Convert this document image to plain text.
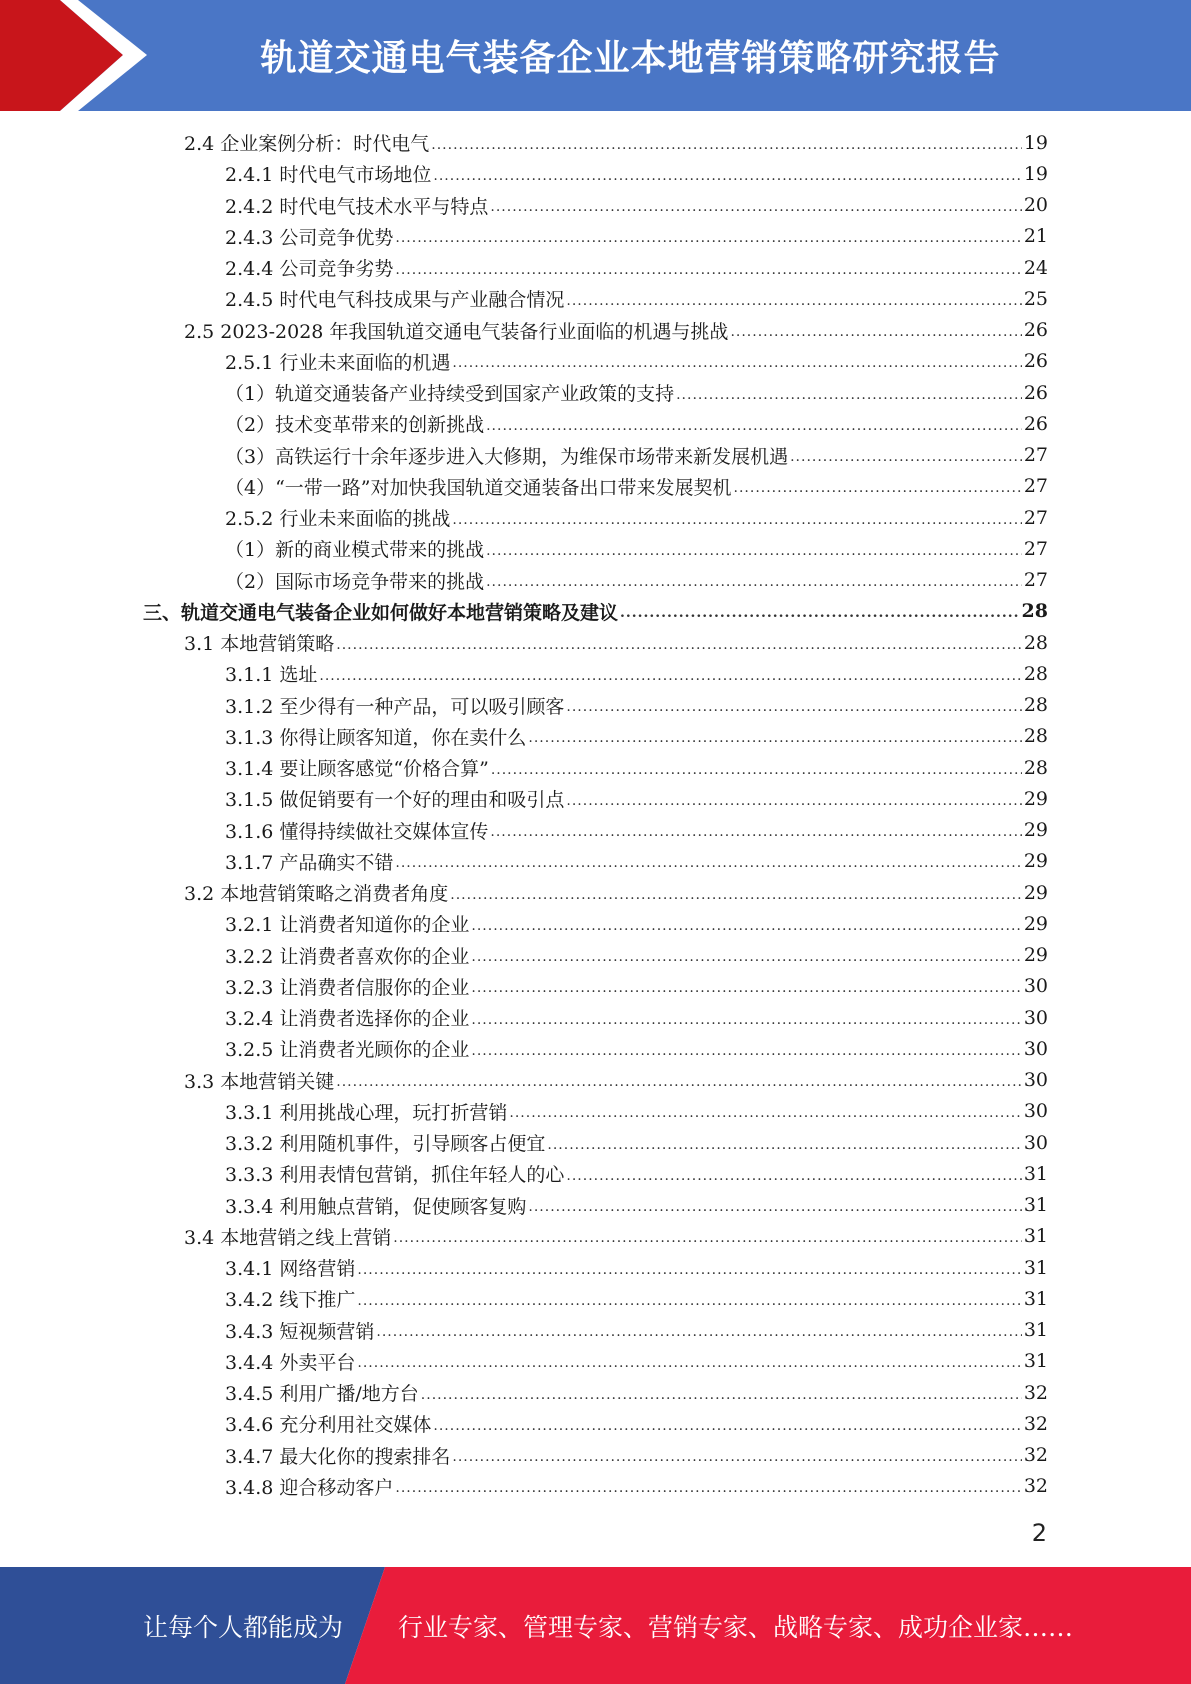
轨道交通电气装备企业本地营销策略研究报告
2.4 企业案例分析：时代电气 .....	19
2.4.1 时代电气市场地位 .....	19
2.4.2 时代电气技术水平与特点 .....	20
2.4.3 公司竞争优势 .....	21
2.4.4 公司竞争劣势 .....	24
2.4.5 时代电气科技成果与产业融合情况 .....	25
2.5 2023-2028 年我国轨道交通电气装备行业面临的机遇与挑战 .....	26
2.5.1 行业未来面临的机遇 .....	26
（1）轨道交通装备产业持续受到国家产业政策的支持 .....	26
（2）技术变革带来的创新挑战 .....	26
（3）高铁运行十余年逐步进入大修期，为维保市场带来新发展机遇 .....	27
（4）“一带一路”对加快我国轨道交通装备出口带来发展契机 .....	27
2.5.2 行业未来面临的挑战 .....	27
（1）新的商业模式带来的挑战 .....	27
（2）国际市场竞争带来的挑战 .....	27
三、轨道交通电气装备企业如何做好本地营销策略及建议 .....	28
3.1 本地营销策略 .....	28
3.1.1 选址 .....	28
3.1.2 至少得有一种产品，可以吸引顾客 .....	28
3.1.3 你得让顾客知道，你在卖什么 .....	28
3.1.4 要让顾客感觉“价格合算” .....	28
3.1.5 做促销要有一个好的理由和吸引点 .....	29
3.1.6 懂得持续做社交媒体宣传 .....	29
3.1.7 产品确实不错 .....	29
3.2 本地营销策略之消费者角度 .....	29
3.2.1 让消费者知道你的企业 .....	29
3.2.2 让消费者喜欢你的企业 .....	29
3.2.3 让消费者信服你的企业 .....	30
3.2.4 让消费者选择你的企业 .....	30
3.2.5 让消费者光顾你的企业 .....	30
3.3 本地营销关键 .....	30
3.3.1 利用挑战心理，玩打折营销 .....	30
3.3.2 利用随机事件，引导顾客占便宜 .....	30
3.3.3 利用表情包营销，抓住年轻人的心 .....	31
3.3.4 利用触点营销，促使顾客复购 .....	31
3.4 本地营销之线上营销 .....	31
3.4.1 网络营销 .....	31
3.4.2 线下推广 .....	31
3.4.3 短视频营销 .....	31
3.4.4 外卖平台 .....	31
3.4.5 利用广播/地方台 .....	32
3.4.6 充分利用社交媒体 .....	32
3.4.7 最大化你的搜索排名 .....	32
3.4.8 迎合移动客户 .....	32
2
让每个人都能成为 行业专家、管理专家、营销专家、战略专家、成功企业家……
